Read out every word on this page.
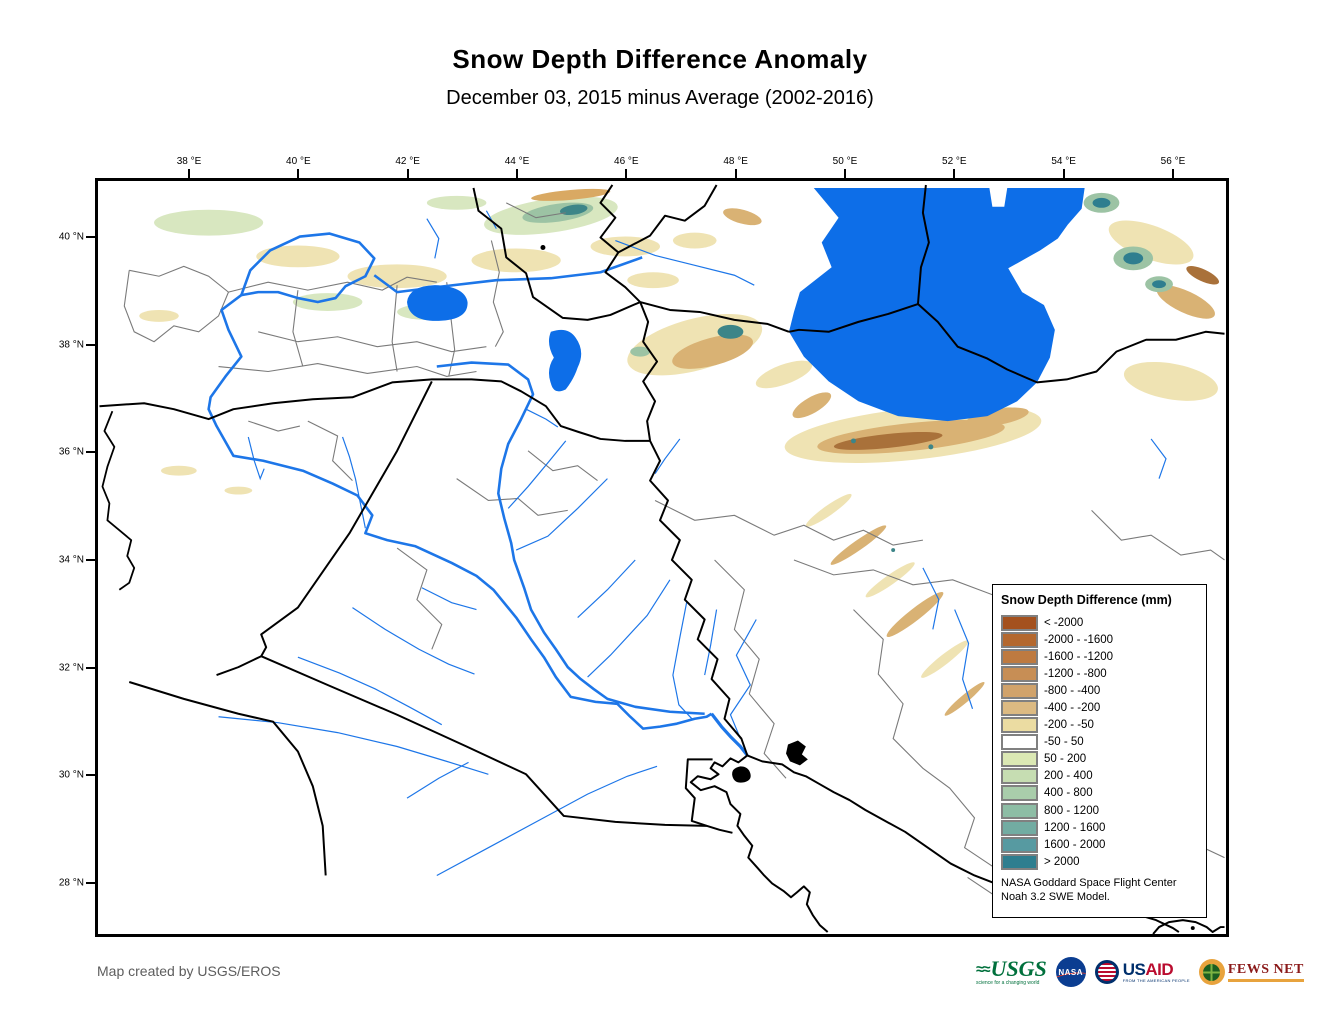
Snow Depth Difference Anomaly
December 03, 2015 minus Average (2002-2016)
38 °E	40 °E	42 °E	44 °E	46 °E	48 °E	50 °E	52 °E	54 °E	56 °E
40 °N
38 °N
36 °N
34 °N
32 °N
30 °N
28 °N
Snow Depth Difference (mm)
< -2000
-2000 - -1600
-1600 - -1200
-1200 - -800
-800 - -400
-400 - -200
-200 - -50
-50 - 50
50 - 200
200 - 400
400 - 800
800 - 1200
1200 - 1600
1600 - 2000
> 2000
NASA Goddard Space Flight Center
Noah 3.2 SWE Model.
Map created by USGS/EROS	≈≈ USGS
science for a changing world
NASA USAID
FROM THE AMERICAN PEOPLE
FEWS NET
